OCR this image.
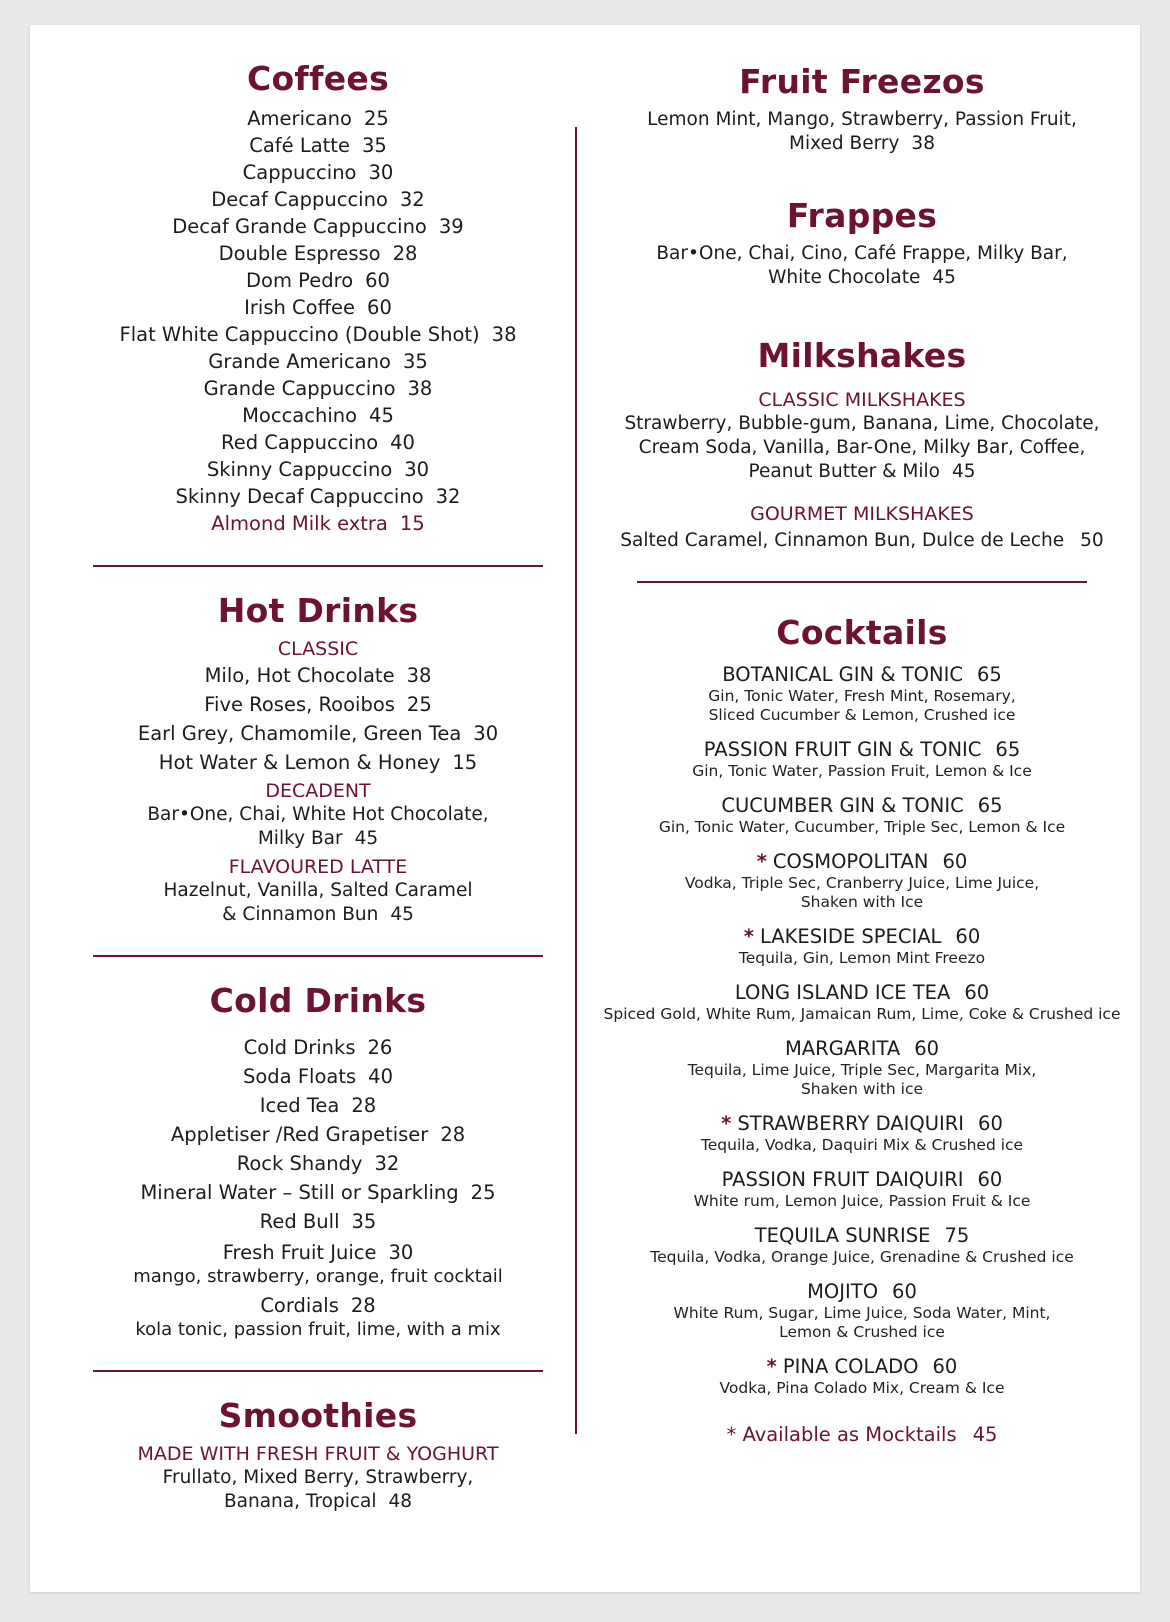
Coffees
Americano 25
Café Latte 35
Cappuccino 30
Decaf Cappuccino 32
Decaf Grande Cappuccino 39
Double Espresso 28
Dom Pedro 60
Irish Coffee 60
Flat White Cappuccino (Double Shot) 38
Grande Americano 35
Grande Cappuccino 38
Moccachino 45
Red Cappuccino 40
Skinny Cappuccino 30
Skinny Decaf Cappuccino 32
Almond Milk extra 15
Hot Drinks
CLASSIC
Milo, Hot Chocolate 38
Five Roses, Rooibos 25
Earl Grey, Chamomile, Green Tea 30
Hot Water & Lemon & Honey 15
DECADENT
Bar•One, Chai, White Hot Chocolate,
Milky Bar 45
FLAVOURED LATTE
Hazelnut, Vanilla, Salted Caramel
& Cinnamon Bun 45
Cold Drinks
Cold Drinks 26
Soda Floats 40
Iced Tea 28
Appletiser /Red Grapetiser 28
Rock Shandy 32
Mineral Water – Still or Sparkling 25
Red Bull 35
Fresh Fruit Juice 30
mango, strawberry, orange, fruit cocktail
Cordials 28
kola tonic, passion fruit, lime, with a mix
Smoothies
MADE WITH FRESH FRUIT & YOGHURT
Frullato, Mixed Berry, Strawberry,
Banana, Tropical 48
Fruit Freezos
Lemon Mint, Mango, Strawberry, Passion Fruit,
Mixed Berry 38
Frappes
Bar•One, Chai, Cino, Café Frappe, Milky Bar,
White Chocolate 45
Milkshakes
CLASSIC MILKSHAKES
Strawberry, Bubble-gum, Banana, Lime, Chocolate,
Cream Soda, Vanilla, Bar-One, Milky Bar, Coffee,
Peanut Butter & Milo 45
GOURMET MILKSHAKES
Salted Caramel, Cinnamon Bun, Dulce de Leche 50
Cocktails
BOTANICAL GIN & TONIC 65
Gin, Tonic Water, Fresh Mint, Rosemary,
Sliced Cucumber & Lemon, Crushed ice
PASSION FRUIT GIN & TONIC 65
Gin, Tonic Water, Passion Fruit, Lemon & Ice
CUCUMBER GIN & TONIC 65
Gin, Tonic Water, Cucumber, Triple Sec, Lemon & Ice
* COSMOPOLITAN 60
Vodka, Triple Sec, Cranberry Juice, Lime Juice,
Shaken with Ice
* LAKESIDE SPECIAL 60
Tequila, Gin, Lemon Mint Freezo
LONG ISLAND ICE TEA 60
Spiced Gold, White Rum, Jamaican Rum, Lime, Coke & Crushed ice
MARGARITA 60
Tequila, Lime Juice, Triple Sec, Margarita Mix,
Shaken with ice
* STRAWBERRY DAIQUIRI 60
Tequila, Vodka, Daquiri Mix & Crushed ice
PASSION FRUIT DAIQUIRI 60
White rum, Lemon Juice, Passion Fruit & Ice
TEQUILA SUNRISE 75
Tequila, Vodka, Orange Juice, Grenadine & Crushed ice
MOJITO 60
White Rum, Sugar, Lime Juice, Soda Water, Mint,
Lemon & Crushed ice
* PINA COLADO 60
Vodka, Pina Colado Mix, Cream & Ice
* Available as Mocktails 45
